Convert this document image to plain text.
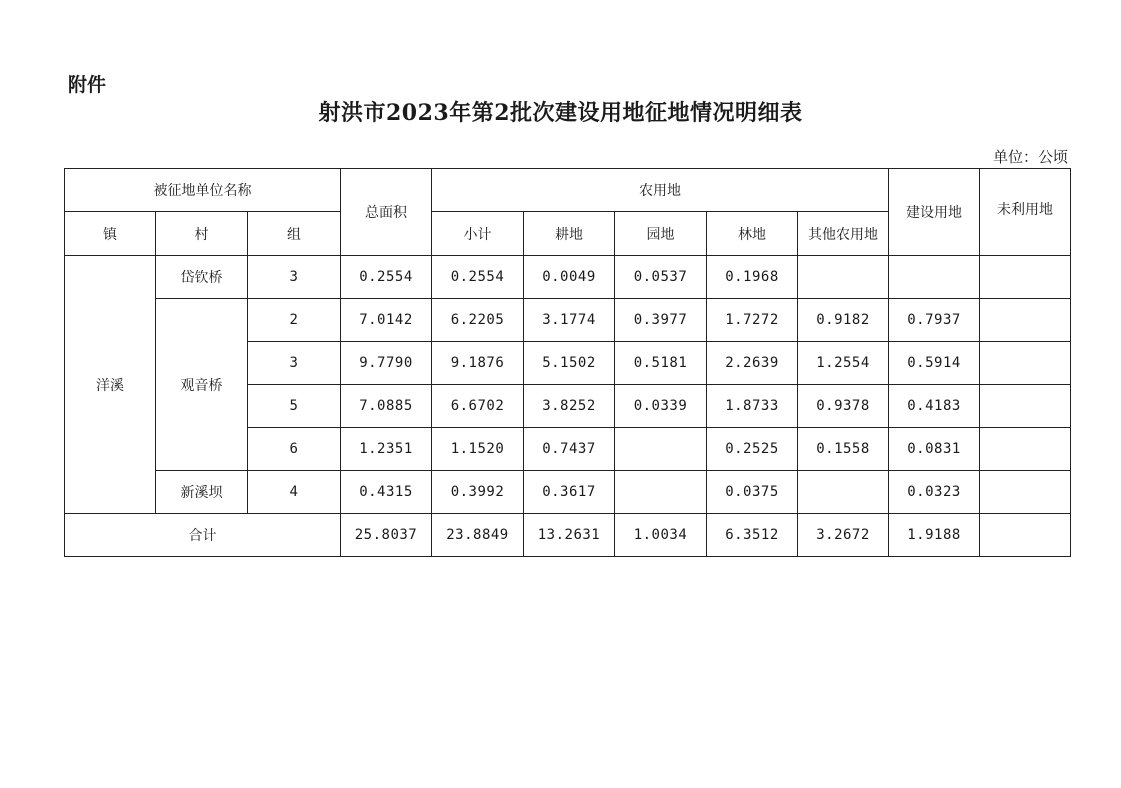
附件
射洪市2023年第2批次建设用地征地情况明细表
单位：公顷
被征地单位名称			总面积	农用地					建设用地	未利用地
镇	村	组		小计	耕地	园地	林地	其他农用地		
洋溪	岱钦桥	3	0.2554	0.2554	0.0049	0.0537	0.1968			
	观音桥	2	7.0142	6.2205	3.1774	0.3977	1.7272	0.9182	0.7937	
		3	9.7790	9.1876	5.1502	0.5181	2.2639	1.2554	0.5914	
		5	7.0885	6.6702	3.8252	0.0339	1.8733	0.9378	0.4183	
		6	1.2351	1.1520	0.7437		0.2525	0.1558	0.0831	
	新溪坝	4	0.4315	0.3992	0.3617		0.0375		0.0323	
合计			25.8037	23.8849	13.2631	1.0034	6.3512	3.2672	1.9188	
